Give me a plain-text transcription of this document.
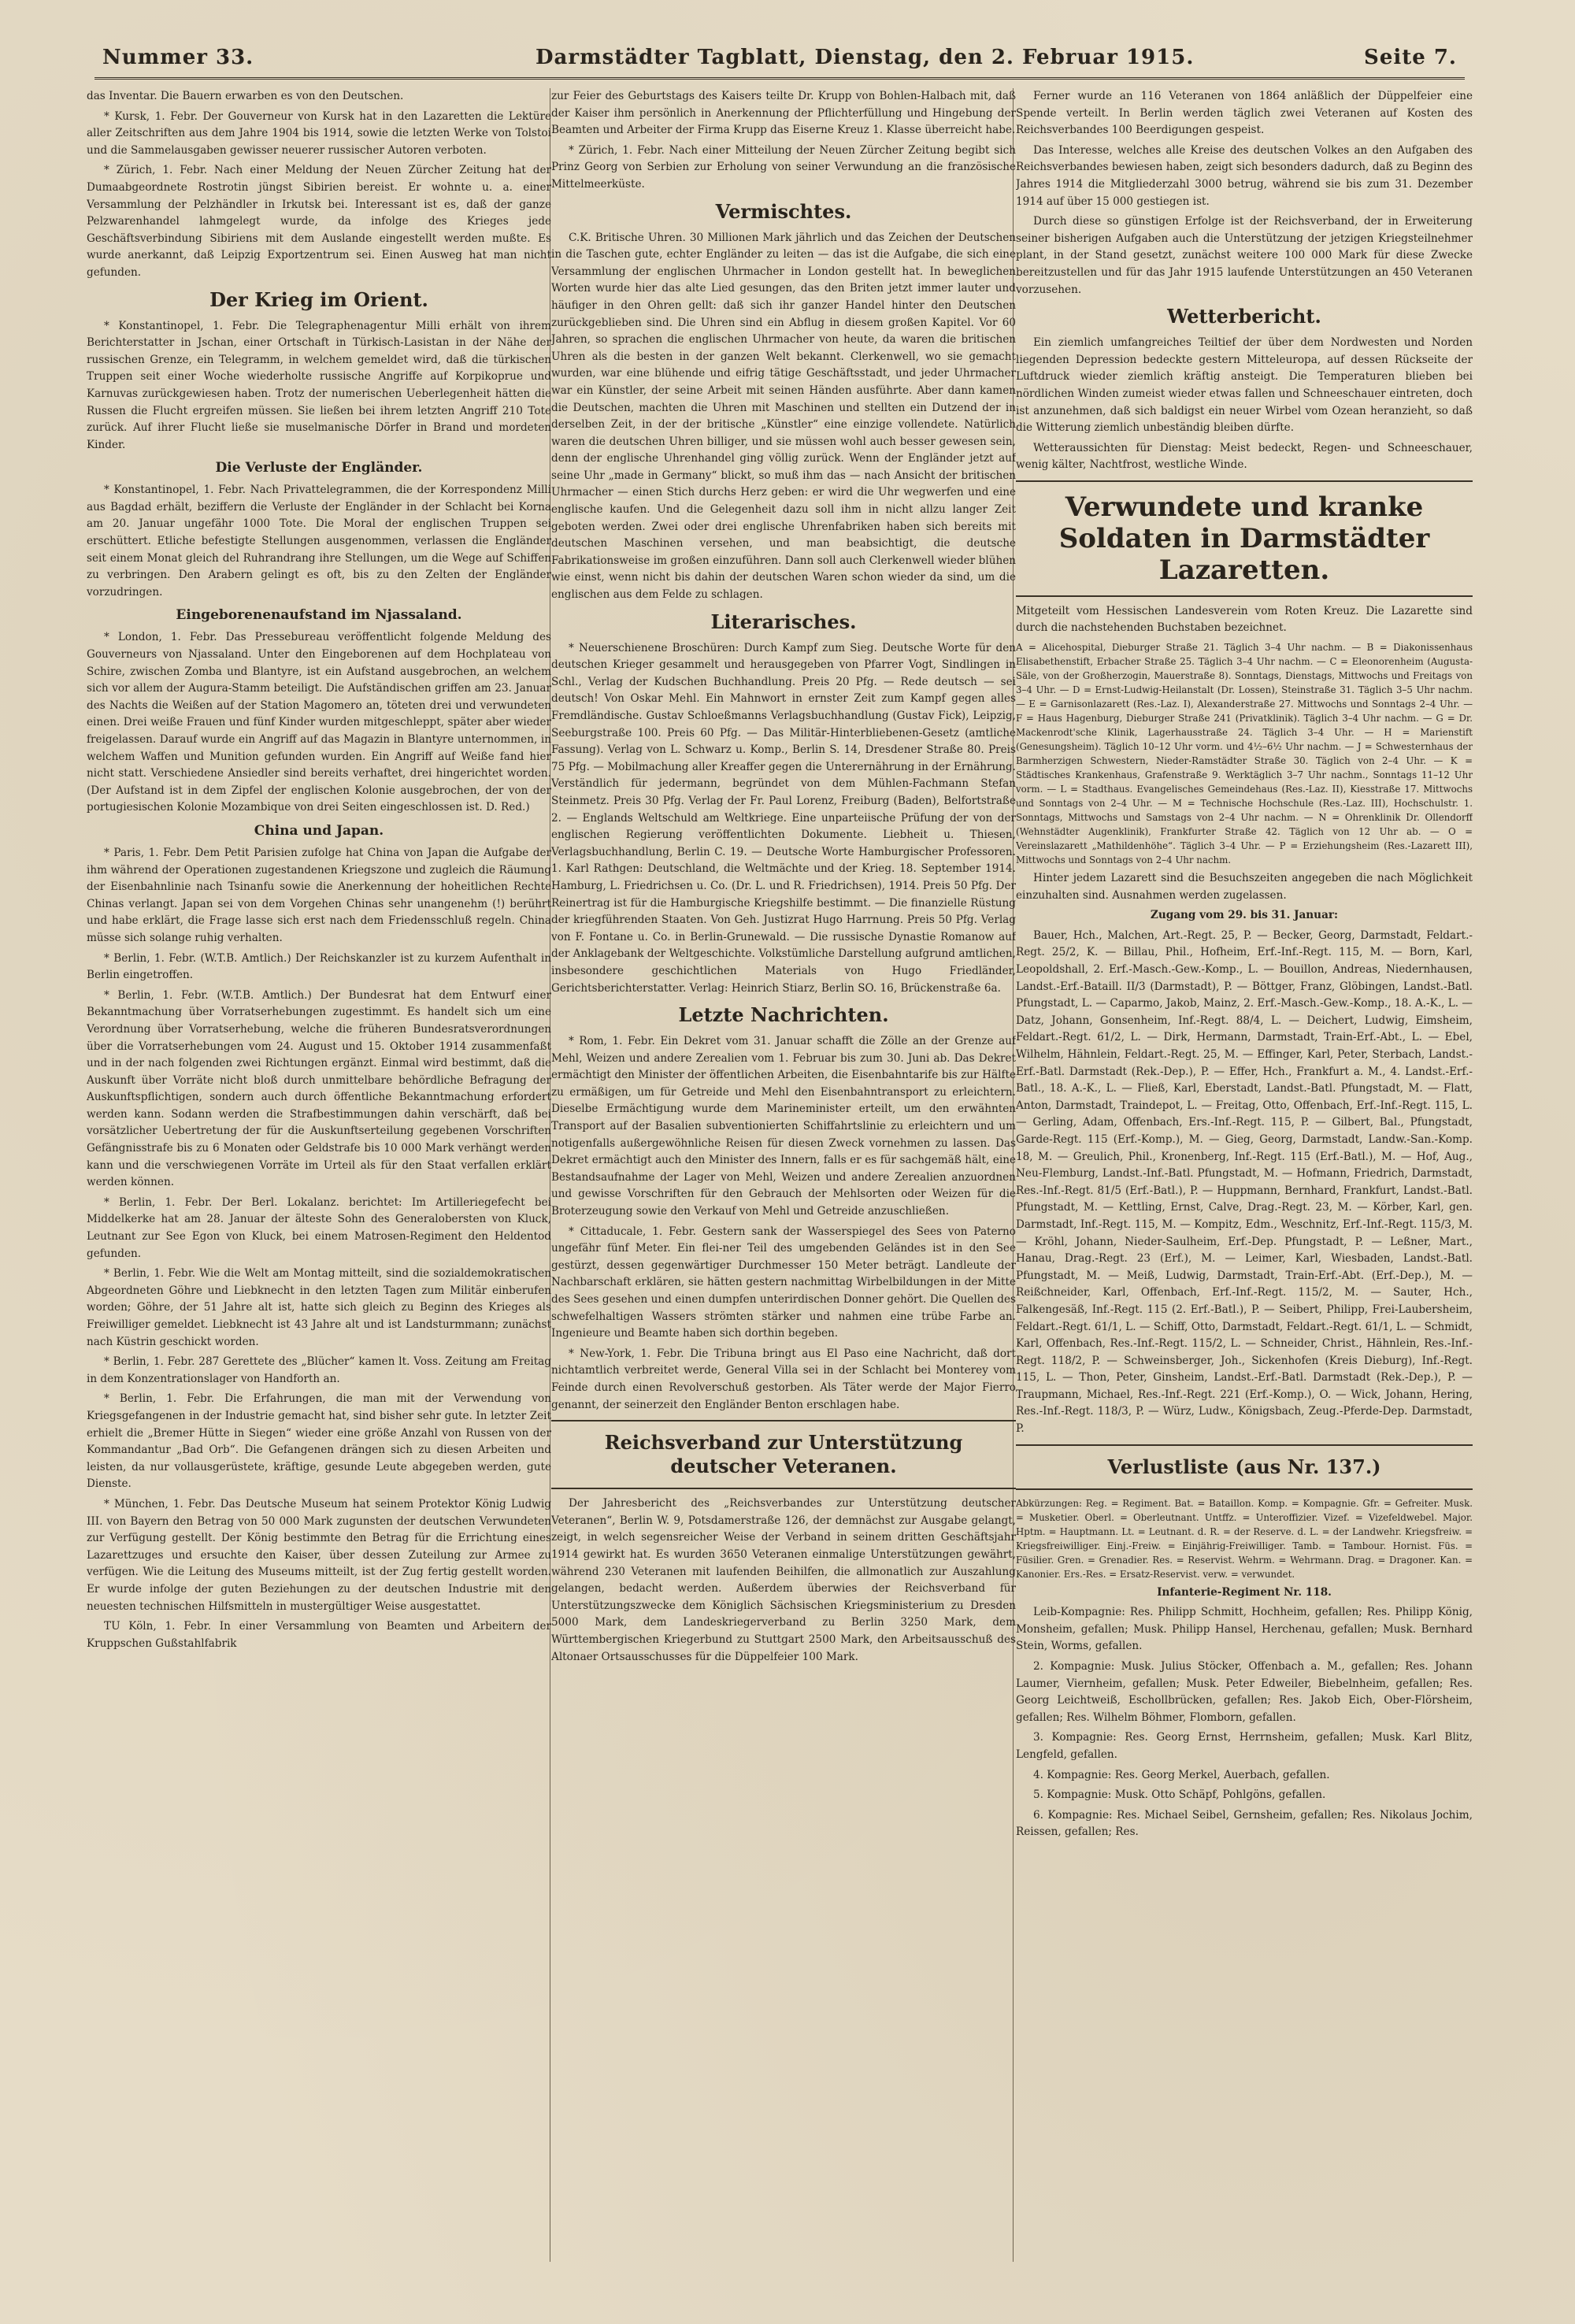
Nummer 33.	Darmstädter Tagblatt, Dienstag, den 2. Februar 1915.	Seite 7.

das Inventar. Die Bauern erwarben es von den Deutschen.

* Kursk, 1. Febr. Der Gouverneur von Kursk hat in den Lazaretten die Lektüre aller Zeitschriften aus dem Jahre 1904 bis 1914, sowie die letzten Werke von Tolstoi und die Sammelausgaben gewisser neuerer russischer Autoren verboten.

* Zürich, 1. Febr. Nach einer Meldung der Neuen Zürcher Zeitung hat der Dumaabgeordnete Rostrotin jüngst Sibirien bereist. Er wohnte u. a. einer Versammlung der Pelzhändler in Irkutsk bei. Interessant ist es, daß der ganze Pelzwarenhandel lahmgelegt wurde, da infolge des Krieges jede Geschäftsverbindung Sibiriens mit dem Auslande eingestellt werden mußte. Es wurde anerkannt, daß Leipzig Exportzentrum sei. Einen Ausweg hat man nicht gefunden.

Der Krieg im Orient.

* Konstantinopel, 1. Febr. Die Telegraphenagentur Milli erhält von ihrem Berichterstatter in Jschan, einer Ortschaft in Türkisch-Lasistan in der Nähe der russischen Grenze, ein Telegramm, in welchem gemeldet wird, daß die türkischen Truppen seit einer Woche wiederholte russische Angriffe auf Korpikoprue und Karnuvas zurückgewiesen haben. Trotz der numerischen Ueberlegenheit hätten die Russen die Flucht ergreifen müssen. Sie ließen bei ihrem letzten Angriff 210 Tote zurück. Auf ihrer Flucht ließe sie muselmanische Dörfer in Brand und mordeten Kinder.

Die Verluste der Engländer.

* Konstantinopel, 1. Febr. Nach Privattelegrammen, die der Korrespondenz Milli aus Bagdad erhält, beziffern die Verluste der Engländer in der Schlacht bei Korna am 20. Januar ungefähr 1000 Tote. Die Moral der englischen Truppen sei erschüttert. Etliche befestigte Stellungen ausgenommen, verlassen die Engländer seit einem Monat gleich del Ruhrandrang ihre Stellungen, um die Wege auf Schiffen zu verbringen. Den Arabern gelingt es oft, bis zu den Zelten der Engländer vorzudringen.

Eingeborenenaufstand im Njassaland.

* London, 1. Febr. Das Pressebureau veröffentlicht folgende Meldung des Gouverneurs von Njassaland. Unter den Eingeborenen auf dem Hochplateau von Schire, zwischen Zomba und Blantyre, ist ein Aufstand ausgebrochen, an welchem sich vor allem der Augura-Stamm beteiligt. Die Aufständischen griffen am 23. Januar des Nachts die Weißen auf der Station Magomero an, töteten drei und verwundeten einen. Drei weiße Frauen und fünf Kinder wurden mitgeschleppt, später aber wieder freigelassen. Darauf wurde ein Angriff auf das Magazin in Blantyre unternommen, in welchem Waffen und Munition gefunden wurden. Ein Angriff auf Weiße fand hier nicht statt. Verschiedene Ansiedler sind bereits verhaftet, drei hingerichtet worden. (Der Aufstand ist in dem Zipfel der englischen Kolonie ausgebrochen, der von der portugiesischen Kolonie Mozambique von drei Seiten eingeschlossen ist. D. Red.)

China und Japan.

* Paris, 1. Febr. Dem Petit Parisien zufolge hat China von Japan die Aufgabe der ihm während der Operationen zugestandenen Kriegszone und zugleich die Räumung der Eisenbahnlinie nach Tsinanfu sowie die Anerkennung der hoheitlichen Rechte Chinas verlangt. Japan sei von dem Vorgehen Chinas sehr unangenehm (!) berührt und habe erklärt, die Frage lasse sich erst nach dem Friedensschluß regeln. China müsse sich solange ruhig verhalten.

* Berlin, 1. Febr. (W.T.B. Amtlich.) Der Reichskanzler ist zu kurzem Aufenthalt in Berlin eingetroffen.

* Berlin, 1. Febr. (W.T.B. Amtlich.) Der Bundesrat hat dem Entwurf einer Bekanntmachung über Vorratserhebungen zugestimmt. Es handelt sich um eine Verordnung über Vorratserhebung, welche die früheren Bundesratsverordnungen über die Vorratserhebungen vom 24. August und 15. Oktober 1914 zusammenfaßt und in der nach folgenden zwei Richtungen ergänzt. Einmal wird bestimmt, daß die Auskunft über Vorräte nicht bloß durch unmittelbare behördliche Befragung der Auskunftspflichtigen, sondern auch durch öffentliche Bekanntmachung erfordert werden kann. Sodann werden die Strafbestimmungen dahin verschärft, daß bei vorsätzlicher Uebertretung der für die Auskunftserteilung gegebenen Vorschriften Gefängnisstrafe bis zu 6 Monaten oder Geldstrafe bis 10 000 Mark verhängt werden kann und die verschwiegenen Vorräte im Urteil als für den Staat verfallen erklärt werden können.

* Berlin, 1. Febr. Der Berl. Lokalanz. berichtet: Im Artilleriegefecht bei Middelkerke hat am 28. Januar der älteste Sohn des Generalobersten von Kluck, Leutnant zur See Egon von Kluck, bei einem Matrosen-Regiment den Heldentod gefunden.

* Berlin, 1. Febr. Wie die Welt am Montag mitteilt, sind die sozialdemokratischen Abgeordneten Göhre und Liebknecht in den letzten Tagen zum Militär einberufen worden; Göhre, der 51 Jahre alt ist, hatte sich gleich zu Beginn des Krieges als Freiwilliger gemeldet. Liebknecht ist 43 Jahre alt und ist Landsturmmann; zunächst nach Küstrin geschickt worden.

* Berlin, 1. Febr. 287 Gerettete des „Blücher“ kamen lt. Voss. Zeitung am Freitag in dem Konzentrationslager von Handforth an.

* Berlin, 1. Febr. Die Erfahrungen, die man mit der Verwendung von Kriegsgefangenen in der Industrie gemacht hat, sind bisher sehr gute. In letzter Zeit erhielt die „Bremer Hütte in Siegen“ wieder eine größe Anzahl von Russen von der Kommandantur „Bad Orb“. Die Gefangenen drängen sich zu diesen Arbeiten und leisten, da nur vollausgerüstete, kräftige, gesunde Leute abgegeben werden, gute Dienste.

* München, 1. Febr. Das Deutsche Museum hat seinem Protektor König Ludwig III. von Bayern den Betrag von 50 000 Mark zugunsten der deutschen Verwundeten zur Verfügung gestellt. Der König bestimmte den Betrag für die Errichtung eines Lazarettzuges und ersuchte den Kaiser, über dessen Zuteilung zur Armee zu verfügen. Wie die Leitung des Museums mitteilt, ist der Zug fertig gestellt worden. Er wurde infolge der guten Beziehungen zu der deutschen Industrie mit den neuesten technischen Hilfsmitteln in mustergültiger Weise ausgestattet.

TU Köln, 1. Febr. In einer Versammlung von Beamten und Arbeitern der Kruppschen Gußstahlfabrik

zur Feier des Geburtstags des Kaisers teilte Dr. Krupp von Bohlen-Halbach mit, daß der Kaiser ihm persönlich in Anerkennung der Pflichterfüllung und Hingebung der Beamten und Arbeiter der Firma Krupp das Eiserne Kreuz 1. Klasse überreicht habe.

* Zürich, 1. Febr. Nach einer Mitteilung der Neuen Zürcher Zeitung begibt sich Prinz Georg von Serbien zur Erholung von seiner Verwundung an die französische Mittelmeerküste.

Vermischtes.

C.K. Britische Uhren. 30 Millionen Mark jährlich und das Zeichen der Deutschen in die Taschen gute, echter Engländer zu leiten — das ist die Aufgabe, die sich eine Versammlung der englischen Uhrmacher in London gestellt hat. In beweglichen Worten wurde hier das alte Lied gesungen, das den Briten jetzt immer lauter und häufiger in den Ohren gellt: daß sich ihr ganzer Handel hinter den Deutschen zurückgeblieben sind. Die Uhren sind ein Abflug in diesem großen Kapitel. Vor 60 Jahren, so sprachen die englischen Uhrmacher von heute, da waren die britischen Uhren als die besten in der ganzen Welt bekannt. Clerkenwell, wo sie gemacht wurden, war eine blühende und eifrig tätige Geschäftsstadt, und jeder Uhrmacher war ein Künstler, der seine Arbeit mit seinen Händen ausführte. Aber dann kamen die Deutschen, machten die Uhren mit Maschinen und stellten ein Dutzend der in derselben Zeit, in der der britische „Künstler“ eine einzige vollendete. Natürlich waren die deutschen Uhren billiger, und sie müssen wohl auch besser gewesen sein, denn der englische Uhrenhandel ging völlig zurück. Wenn der Engländer jetzt auf seine Uhr „made in Germany“ blickt, so muß ihm das — nach Ansicht der britischen Uhrmacher — einen Stich durchs Herz geben: er wird die Uhr wegwerfen und eine englische kaufen. Und die Gelegenheit dazu soll ihm in nicht allzu langer Zeit geboten werden. Zwei oder drei englische Uhrenfabriken haben sich bereits mit deutschen Maschinen versehen, und man beabsichtigt, die deutsche Fabrikationsweise im großen einzuführen. Dann soll auch Clerkenwell wieder blühen wie einst, wenn nicht bis dahin der deutschen Waren schon wieder da sind, um die englischen aus dem Felde zu schlagen.

Literarisches.

* Neuerschienene Broschüren: Durch Kampf zum Sieg. Deutsche Worte für den deutschen Krieger gesammelt und herausgegeben von Pfarrer Vogt, Sindlingen in Schl., Verlag der Kudschen Buchhandlung. Preis 20 Pfg. — Rede deutsch — sei deutsch! Von Oskar Mehl. Ein Mahnwort in ernster Zeit zum Kampf gegen alles Fremdländische. Gustav Schloeßmanns Verlagsbuchhandlung (Gustav Fick), Leipzig, Seeburgstraße 100. Preis 60 Pfg. — Das Militär-Hinterbliebenen-Gesetz (amtliche Fassung). Verlag von L. Schwarz u. Komp., Berlin S. 14, Dresdener Straße 80. Preis 75 Pfg. — Mobilmachung aller Kreaffer gegen die Unterernährung in der Ernährung. Verständlich für jedermann, begründet von dem Mühlen-Fachmann Stefan Steinmetz. Preis 30 Pfg. Verlag der Fr. Paul Lorenz, Freiburg (Baden), Belfortstraße 2. — Englands Weltschuld am Weltkriege. Eine unparteiische Prüfung der von der englischen Regierung veröffentlichten Dokumente. Liebheit u. Thiesen, Verlagsbuchhandlung, Berlin C. 19. — Deutsche Worte Hamburgischer Professoren. 1. Karl Rathgen: Deutschland, die Weltmächte und der Krieg. 18. September 1914. Hamburg, L. Friedrichsen u. Co. (Dr. L. und R. Friedrichsen), 1914. Preis 50 Pfg. Der Reinertrag ist für die Hamburgische Kriegshilfe bestimmt. — Die finanzielle Rüstung der kriegführenden Staaten. Von Geh. Justizrat Hugo Harrnung. Preis 50 Pfg. Verlag von F. Fontane u. Co. in Berlin-Grunewald. — Die russische Dynastie Romanow auf der Anklagebank der Weltgeschichte. Volkstümliche Darstellung aufgrund amtlichen, insbesondere geschichtlichen Materials von Hugo Friedländer, Gerichtsberichterstatter. Verlag: Heinrich Stiarz, Berlin SO. 16, Brückenstraße 6a.

Letzte Nachrichten.

* Rom, 1. Febr. Ein Dekret vom 31. Januar schafft die Zölle an der Grenze auf Mehl, Weizen und andere Zerealien vom 1. Februar bis zum 30. Juni ab. Das Dekret ermächtigt den Minister der öffentlichen Arbeiten, die Eisenbahntarife bis zur Hälfte zu ermäßigen, um für Getreide und Mehl den Eisenbahntransport zu erleichtern. Dieselbe Ermächtigung wurde dem Marineminister erteilt, um den erwähnten Transport auf der Basalien subventionierten Schiffahrtslinie zu erleichtern und um notigenfalls außergewöhnliche Reisen für diesen Zweck vornehmen zu lassen. Das Dekret ermächtigt auch den Minister des Innern, falls er es für sachgemäß hält, eine Bestandsaufnahme der Lager von Mehl, Weizen und andere Zerealien anzuordnen und gewisse Vorschriften für den Gebrauch der Mehlsorten oder Weizen für die Broterzeugung sowie den Verkauf von Mehl und Getreide anzuschließen.

* Cittaducale, 1. Febr. Gestern sank der Wasserspiegel des Sees von Paterno ungefähr fünf Meter. Ein flei-ner Teil des umgebenden Geländes ist in den See gestürzt, dessen gegenwärtiger Durchmesser 150 Meter beträgt. Landleute der Nachbarschaft erklären, sie hätten gestern nachmittag Wirbelbildungen in der Mitte des Sees gesehen und einen dumpfen unterirdischen Donner gehört. Die Quellen des schwefelhaltigen Wassers strömten stärker und nahmen eine trübe Farbe an. Ingenieure und Beamte haben sich dorthin begeben.

* New-York, 1. Febr. Die Tribuna bringt aus El Paso eine Nachricht, daß dort nichtamtlich verbreitet werde, General Villa sei in der Schlacht bei Monterey vom Feinde durch einen Revolverschuß gestorben. Als Täter werde der Major Fierro genannt, der seinerzeit den Engländer Benton erschlagen habe.

Reichsverband zur Unterstützung deutscher Veteranen.

Der Jahresbericht des „Reichsverbandes zur Unterstützung deutscher Veteranen“, Berlin W. 9, Potsdamerstraße 126, der demnächst zur Ausgabe gelangt, zeigt, in welch segensreicher Weise der Verband in seinem dritten Geschäftsjahr 1914 gewirkt hat. Es wurden 3650 Veteranen einmalige Unterstützungen gewährt, während 230 Veteranen mit laufenden Beihilfen, die allmonatlich zur Auszahlung gelangen, bedacht werden. Außerdem überwies der Reichsverband für Unterstützungszwecke dem Königlich Sächsischen Kriegsministerium zu Dresden 5000 Mark, dem Landeskriegerverband zu Berlin 3250 Mark, dem Württembergischen Kriegerbund zu Stuttgart 2500 Mark, den Arbeitsausschuß des Altonaer Ortsausschusses für die Düppelfeier 100 Mark.

Ferner wurde an 116 Veteranen von 1864 anläßlich der Düppelfeier eine Spende verteilt. In Berlin werden täglich zwei Veteranen auf Kosten des Reichsverbandes 100 Beerdigungen gespeist.

Das Interesse, welches alle Kreise des deutschen Volkes an den Aufgaben des Reichsverbandes bewiesen haben, zeigt sich besonders dadurch, daß zu Beginn des Jahres 1914 die Mitgliederzahl 3000 betrug, während sie bis zum 31. Dezember 1914 auf über 15 000 gestiegen ist.

Durch diese so günstigen Erfolge ist der Reichsverband, der in Erweiterung seiner bisherigen Aufgaben auch die Unterstützung der jetzigen Kriegsteilnehmer plant, in der Stand gesetzt, zunächst weitere 100 000 Mark für diese Zwecke bereitzustellen und für das Jahr 1915 laufende Unterstützungen an 450 Veteranen vorzusehen.

Wetterbericht.

Ein ziemlich umfangreiches Teiltief der über dem Nordwesten und Norden liegenden Depression bedeckte gestern Mitteleuropa, auf dessen Rückseite der Luftdruck wieder ziemlich kräftig ansteigt. Die Temperaturen blieben bei nördlichen Winden zumeist wieder etwas fallen und Schneeschauer eintreten, doch ist anzunehmen, daß sich baldigst ein neuer Wirbel vom Ozean heranzieht, so daß die Witterung ziemlich unbeständig bleiben dürfte.

Wetteraussichten für Dienstag: Meist bedeckt, Regen- und Schneeschauer, wenig kälter, Nachtfrost, westliche Winde.

Verwundete und kranke Soldaten in Darmstädter Lazaretten.

Mitgeteilt vom Hessischen Landesverein vom Roten Kreuz. Die Lazarette sind durch die nachstehenden Buchstaben bezeichnet.

A = Alicehospital, Dieburger Straße 21. Täglich 3–4 Uhr nachm. — B = Diakonissenhaus Elisabethenstift, Erbacher Straße 25. Täglich 3–4 Uhr nachm. — C = Eleonorenheim (Augusta-Säle, von der Großherzogin, Mauerstraße 8). Sonntags, Dienstags, Mittwochs und Freitags von 3–4 Uhr. — D = Ernst-Ludwig-Heilanstalt (Dr. Lossen), Steinstraße 31. Täglich 3–5 Uhr nachm. — E = Garnisonlazarett (Res.-Laz. I), Alexanderstraße 27. Mittwochs und Sonntags 2–4 Uhr. — F = Haus Hagenburg, Dieburger Straße 241 (Privatklinik). Täglich 3–4 Uhr nachm. — G = Dr. Mackenrodt'sche Klinik, Lagerhausstraße 24. Täglich 3–4 Uhr. — H = Marienstift (Genesungsheim). Täglich 10–12 Uhr vorm. und 4½–6½ Uhr nachm. — J = Schwesternhaus der Barmherzigen Schwestern, Nieder-Ramstädter Straße 30. Täglich von 2–4 Uhr. — K = Städtisches Krankenhaus, Grafenstraße 9. Werktäglich 3–7 Uhr nachm., Sonntags 11–12 Uhr vorm. — L = Stadthaus. Evangelisches Gemeindehaus (Res.-Laz. II), Kiesstraße 17. Mittwochs und Sonntags von 2–4 Uhr. — M = Technische Hochschule (Res.-Laz. III), Hochschulstr. 1. Sonntags, Mittwochs und Samstags von 2–4 Uhr nachm. — N = Ohrenklinik Dr. Ollendorff (Wehnstädter Augenklinik), Frankfurter Straße 42. Täglich von 12 Uhr ab. — O = Vereinslazarett „Mathildenhöhe“. Täglich 3–4 Uhr. — P = Erziehungsheim (Res.-Lazarett III), Mittwochs und Sonntags von 2–4 Uhr nachm.

Hinter jedem Lazarett sind die Besuchszeiten angegeben die nach Möglichkeit einzuhalten sind. Ausnahmen werden zugelassen.

Zugang vom 29. bis 31. Januar:

Bauer, Hch., Malchen, Art.-Regt. 25, P. — Becker, Georg, Darmstadt, Feldart.-Regt. 25/2, K. — Billau, Phil., Hofheim, Erf.-Inf.-Regt. 115, M. — Born, Karl, Leopoldshall, 2. Erf.-Masch.-Gew.-Komp., L. — Bouillon, Andreas, Niedernhausen, Landst.-Erf.-Bataill. II/3 (Darmstadt), P. — Böttger, Franz, Glöbingen, Landst.-Batl. Pfungstadt, L. — Caparmo, Jakob, Mainz, 2. Erf.-Masch.-Gew.-Komp., 18. A.-K., L. — Datz, Johann, Gonsenheim, Inf.-Regt. 88/4, L. — Deichert, Ludwig, Eimsheim, Feldart.-Regt. 61/2, L. — Dirk, Hermann, Darmstadt, Train-Erf.-Abt., L. — Ebel, Wilhelm, Hähnlein, Feldart.-Regt. 25, M. — Effinger, Karl, Peter, Sterbach, Landst.-Erf.-Batl. Darmstadt (Rek.-Dep.), P. — Effer, Hch., Frankfurt a. M., 4. Landst.-Erf.-Batl., 18. A.-K., L. — Fließ, Karl, Eberstadt, Landst.-Batl. Pfungstadt, M. — Flatt, Anton, Darmstadt, Traindepot, L. — Freitag, Otto, Offenbach, Erf.-Inf.-Regt. 115, L. — Gerling, Adam, Offenbach, Ers.-Inf.-Regt. 115, P. — Gilbert, Bal., Pfungstadt, Garde-Regt. 115 (Erf.-Komp.), M. — Gieg, Georg, Darmstadt, Landw.-San.-Komp. 18, M. — Greulich, Phil., Kronenberg, Inf.-Regt. 115 (Erf.-Batl.), M. — Hof, Aug., Neu-Flemburg, Landst.-Inf.-Batl. Pfungstadt, M. — Hofmann, Friedrich, Darmstadt, Res.-Inf.-Regt. 81/5 (Erf.-Batl.), P. — Huppmann, Bernhard, Frankfurt, Landst.-Batl. Pfungstadt, M. — Kettling, Ernst, Calve, Drag.-Regt. 23, M. — Körber, Karl, gen. Darmstadt, Inf.-Regt. 115, M. — Kompitz, Edm., Weschnitz, Erf.-Inf.-Regt. 115/3, M. — Kröhl, Johann, Nieder-Saulheim, Erf.-Dep. Pfungstadt, P. — Leßner, Mart., Hanau, Drag.-Regt. 23 (Erf.), M. — Leimer, Karl, Wiesbaden, Landst.-Batl. Pfungstadt, M. — Meiß, Ludwig, Darmstadt, Train-Erf.-Abt. (Erf.-Dep.), M. — Reißchneider, Karl, Offenbach, Erf.-Inf.-Regt. 115/2, M. — Sauter, Hch., Falkengesäß, Inf.-Regt. 115 (2. Erf.-Batl.), P. — Seibert, Philipp, Frei-Laubersheim, Feldart.-Regt. 61/1, L. — Schiff, Otto, Darmstadt, Feldart.-Regt. 61/1, L. — Schmidt, Karl, Offenbach, Res.-Inf.-Regt. 115/2, L. — Schneider, Christ., Hähnlein, Res.-Inf.-Regt. 118/2, P. — Schweinsberger, Joh., Sickenhofen (Kreis Dieburg), Inf.-Regt. 115, L. — Thon, Peter, Ginsheim, Landst.-Erf.-Batl. Darmstadt (Rek.-Dep.), P. — Traupmann, Michael, Res.-Inf.-Regt. 221 (Erf.-Komp.), O. — Wick, Johann, Hering, Res.-Inf.-Regt. 118/3, P. — Würz, Ludw., Königsbach, Zeug.-Pferde-Dep. Darmstadt, P.

Verlustliste (aus Nr. 137.)

Abkürzungen: Reg. = Regiment. Bat. = Bataillon. Komp. = Kompagnie. Gfr. = Gefreiter. Musk. = Musketier. Oberl. = Oberleutnant. Untffz. = Unteroffizier. Vizef. = Vizefeldwebel. Major. Hptm. = Hauptmann. Lt. = Leutnant. d. R. = der Reserve. d. L. = der Landwehr. Kriegsfreiw. = Kriegsfreiwilliger. Einj.-Freiw. = Einjährig-Freiwilliger. Tamb. = Tambour. Hornist. Füs. = Füsilier. Gren. = Grenadier. Res. = Reservist. Wehrm. = Wehrmann. Drag. = Dragoner. Kan. = Kanonier. Ers.-Res. = Ersatz-Reservist. verw. = verwundet.

Infanterie-Regiment Nr. 118.

Leib-Kompagnie: Res. Philipp Schmitt, Hochheim, gefallen; Res. Philipp König, Monsheim, gefallen; Musk. Philipp Hansel, Herchenau, gefallen; Musk. Bernhard Stein, Worms, gefallen.

2. Kompagnie: Musk. Julius Stöcker, Offenbach a. M., gefallen; Res. Johann Laumer, Viernheim, gefallen; Musk. Peter Edweiler, Biebelnheim, gefallen; Res. Georg Leichtweiß, Eschollbrücken, gefallen; Res. Jakob Eich, Ober-Flörsheim, gefallen; Res. Wilhelm Böhmer, Flomborn, gefallen.

3. Kompagnie: Res. Georg Ernst, Herrnsheim, gefallen; Musk. Karl Blitz, Lengfeld, gefallen.

4. Kompagnie: Res. Georg Merkel, Auerbach, gefallen.

5. Kompagnie: Musk. Otto Schäpf, Pohlgöns, gefallen.

6. Kompagnie: Res. Michael Seibel, Gernsheim, gefallen; Res. Nikolaus Jochim, Reissen, gefallen; Res.
